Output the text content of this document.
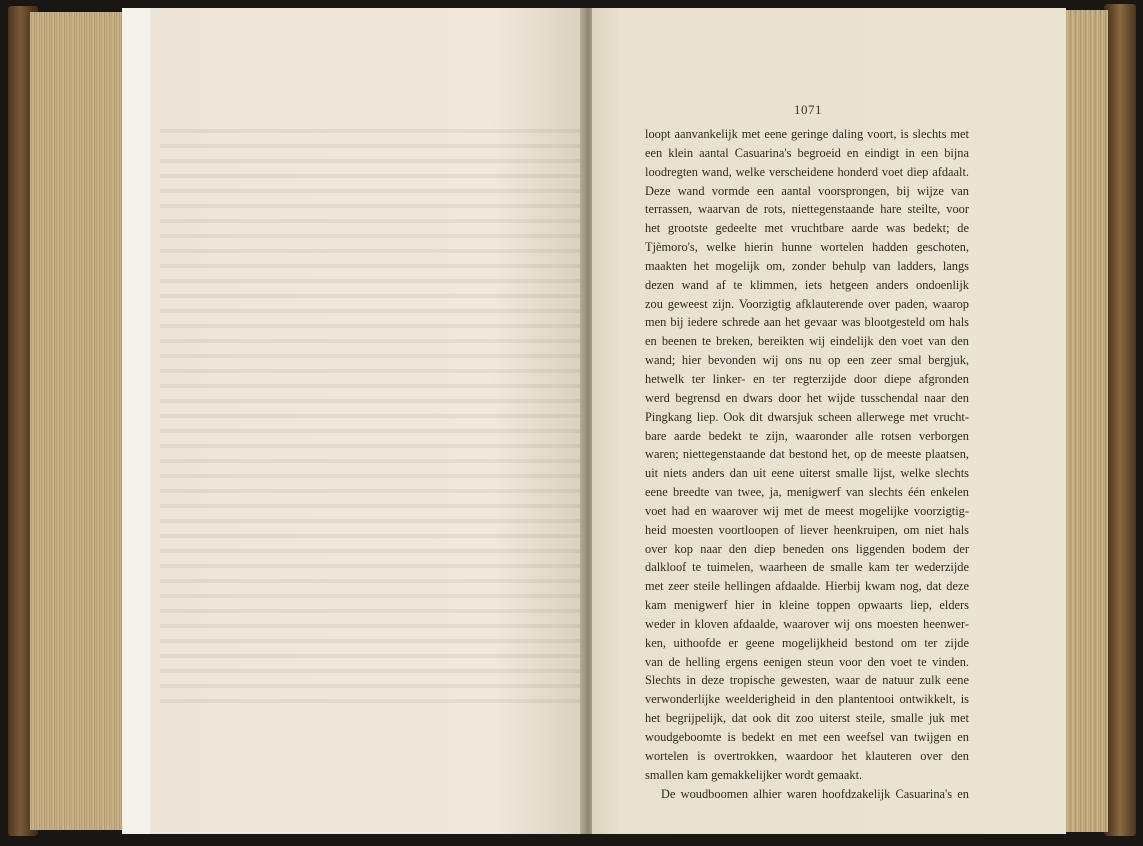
1071
loopt aanvankelijk met eene geringe daling voort, is slechts met
een klein aantal Casuarina's begroeid en eindigt in een bijna
loodregten wand, welke verscheidene honderd voet diep afdaalt.
Deze wand vormde een aantal voorsprongen, bij wijze van
terrassen, waarvan de rots, niettegenstaande hare steilte, voor
het grootste gedeelte met vruchtbare aarde was bedekt; de
Tjèmoro's, welke hierin hunne wortelen hadden geschoten,
maakten het mogelijk om, zonder behulp van ladders, langs
dezen wand af te klimmen, iets hetgeen anders ondoenlijk
zou geweest zijn. Voorzigtig afklauterende over paden, waarop
men bij iedere schrede aan het gevaar was blootgesteld om hals
en beenen te breken, bereikten wij eindelijk den voet van den
wand; hier bevonden wij ons nu op een zeer smal bergjuk,
hetwelk ter linker- en ter regterzijde door diepe afgronden
werd begrensd en dwars door het wijde tusschendal naar den
Pingkang liep. Ook dit dwarsjuk scheen allerwege met vrucht-
bare aarde bedekt te zijn, waaronder alle rotsen verborgen
waren; niettegenstaande dat bestond het, op de meeste plaatsen,
uit niets anders dan uit eene uiterst smalle lijst, welke slechts
eene breedte van twee, ja, menigwerf van slechts één enkelen
voet had en waarover wij met de meest mogelijke voorzigtig-
heid moesten voortloopen of liever heenkruipen, om niet hals
over kop naar den diep beneden ons liggenden bodem der
dalkloof te tuimelen, waarheen de smalle kam ter wederzijde
met zeer steile hellingen afdaalde. Hierbij kwam nog, dat deze
kam menigwerf hier in kleine toppen opwaarts liep, elders
weder in kloven afdaalde, waarover wij ons moesten heenwer-
ken, uithoofde er geene mogelijkheid bestond om ter zijde
van de helling ergens eenigen steun voor den voet te vinden.
Slechts in deze tropische gewesten, waar de natuur zulk eene
verwonderlijke weelderigheid in den plantentooi ontwikkelt, is
het begrijpelijk, dat ook dit zoo uiterst steile, smalle juk met
woudgeboomte is bedekt en met een weefsel van twijgen en
wortelen is overtrokken, waardoor het klauteren over den
smallen kam gemakkelijker wordt gemaakt.
De woudboomen alhier waren hoofdzakelijk Casuarina's en
